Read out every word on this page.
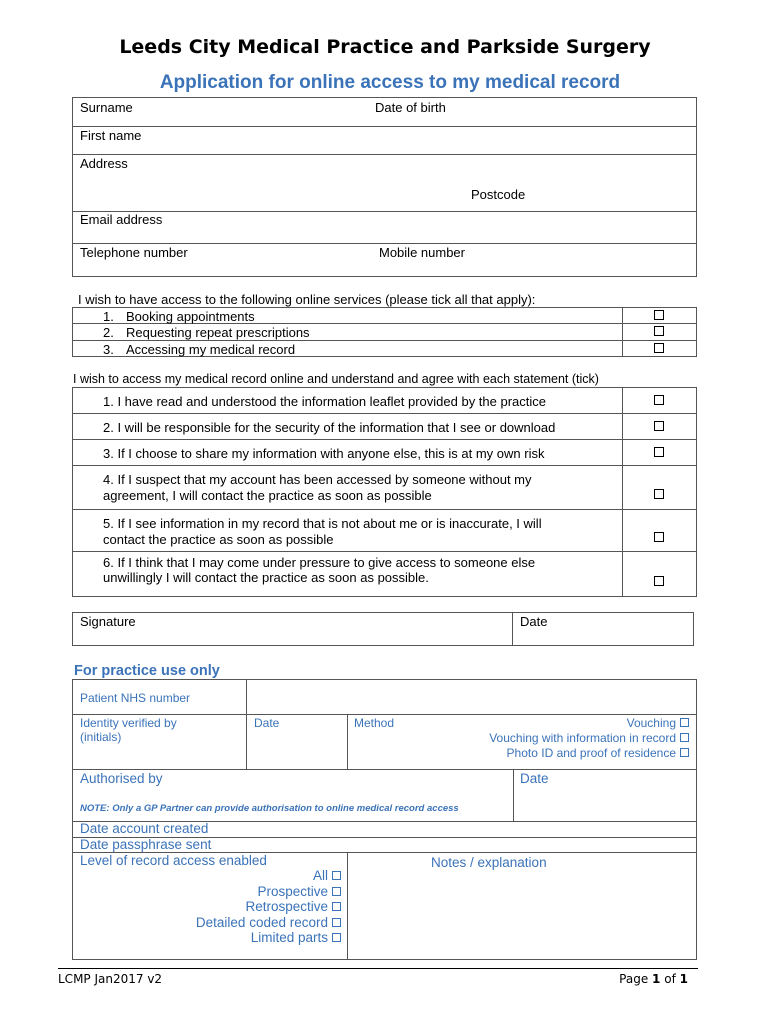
Leeds City Medical Practice and Parkside Surgery
Application for online access to my medical record
Surname	Date of birth
First name
Address
Postcode
Email address
Telephone number	Mobile number
I wish to have access to the following online services (please tick all that apply):
1. Booking appointments
2. Requesting repeat prescriptions
3. Accessing my medical record
I wish to access my medical record online and understand and agree with each statement (tick)
1. I have read and understood the information leaflet provided by the practice
2. I will be responsible for the security of the information that I see or download
3. If I choose to share my information with anyone else, this is at my own risk
4. If I suspect that my account has been accessed by someone without my
agreement, I will contact the practice as soon as possible
5. If I see information in my record that is not about me or is inaccurate, I will
contact the practice as soon as possible
6. If I think that I may come under pressure to give access to someone else
unwillingly I will contact the practice as soon as possible.
Signature	Date
For practice use only
Patient NHS number
Identity verified by
(initials)
Date	Method	Vouching
Vouching with information in record
Photo ID and proof of residence
Authorised by	Date
NOTE: Only a GP Partner can provide authorisation to online medical record access
Date account created
Date passphrase sent
Level of record access enabled	Notes / explanation
All
Prospective
Retrospective
Detailed coded record
Limited parts
LCMP Jan2017 v2	Page 1 of 1
